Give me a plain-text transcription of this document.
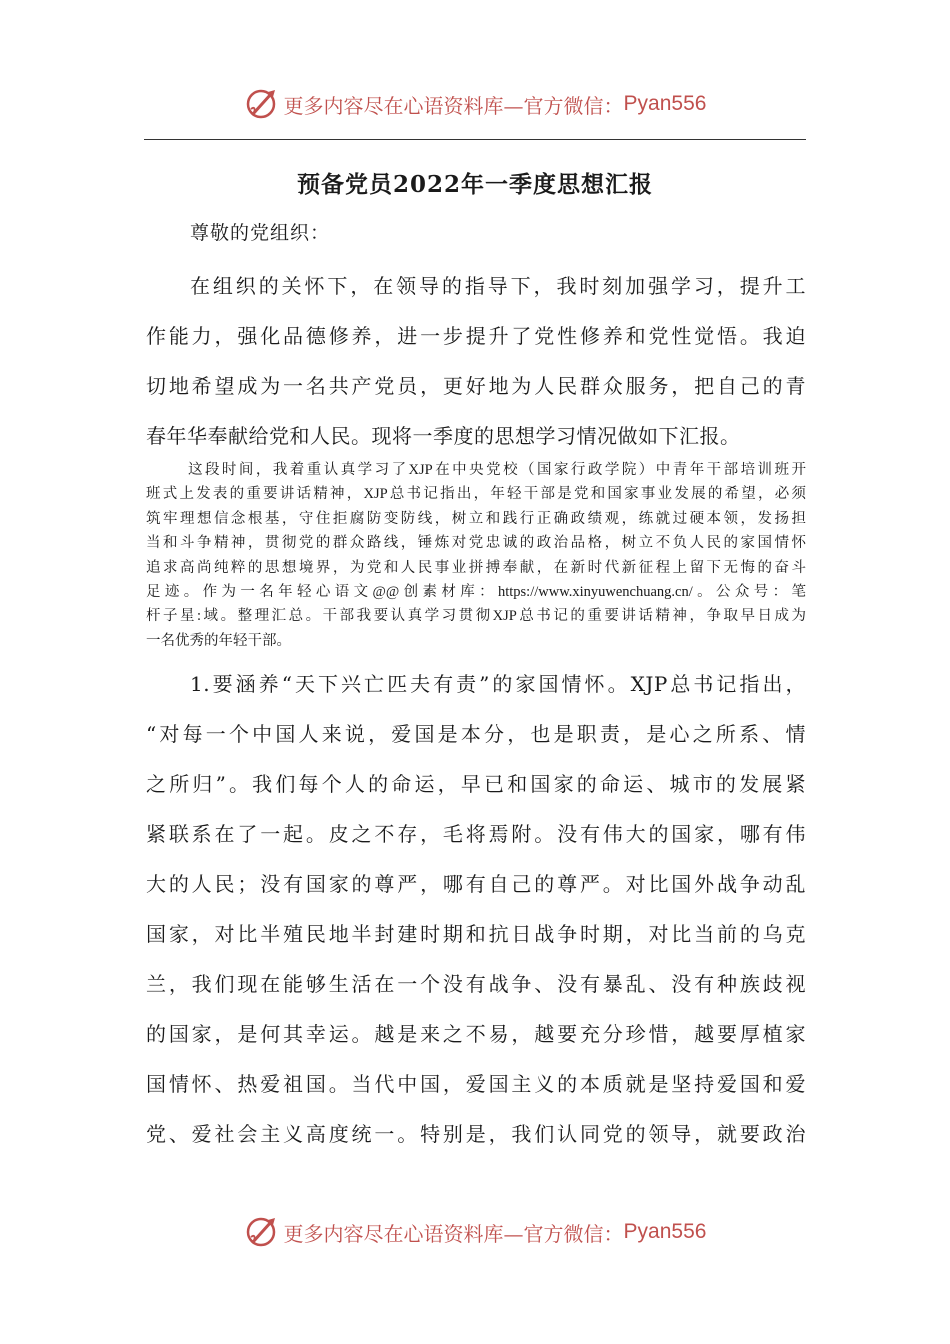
更多内容尽在心语资料库—官方微信： Pyan556
预备党员2022年一季度思想汇报
尊敬的党组织：
在组织的关怀下，在领导的指导下，我时刻加强学习，提升工
作能力，强化品德修养，进一步提升了党性修养和党性觉悟。我迫
切地希望成为一名共产党员，更好地为人民群众服务，把自己的青
春年华奉献给党和人民。现将一季度的思想学习情况做如下汇报。
这段时间，我着重认真学习了XJP在中央党校（国家行政学院）中青年干部培训班开
班式上发表的重要讲话精神，XJP总书记指出，年轻干部是党和国家事业发展的希望，必须
筑牢理想信念根基，守住拒腐防变防线，树立和践行正确政绩观，练就过硬本领，发扬担
当和斗争精神，贯彻党的群众路线，锤炼对党忠诚的政治品格，树立不负人民的家国情怀
追求高尚纯粹的思想境界，为党和人民事业拼搏奉献，在新时代新征程上留下无悔的奋斗
足迹。作为一名年轻心语文@@创素材库：https://www.xinyuwenchuang.cn/。公众号：笔
杆子星:域。整理汇总。干部我要认真学习贯彻XJP总书记的重要讲话精神，争取早日成为
一名优秀的年轻干部。
1.要涵养“天下兴亡匹夫有责”的家国情怀。XJP总书记指出，
“对每一个中国人来说，爱国是本分，也是职责，是心之所系、情
之所归”。我们每个人的命运，早已和国家的命运、城市的发展紧
紧联系在了一起。皮之不存，毛将焉附。没有伟大的国家，哪有伟
大的人民；没有国家的尊严，哪有自己的尊严。对比国外战争动乱
国家，对比半殖民地半封建时期和抗日战争时期，对比当前的乌克
兰，我们现在能够生活在一个没有战争、没有暴乱、没有种族歧视
的国家，是何其幸运。越是来之不易，越要充分珍惜，越要厚植家
国情怀、热爱祖国。当代中国，爱国主义的本质就是坚持爱国和爱
党、爱社会主义高度统一。特别是，我们认同党的领导，就要政治
更多内容尽在心语资料库—官方微信： Pyan556
